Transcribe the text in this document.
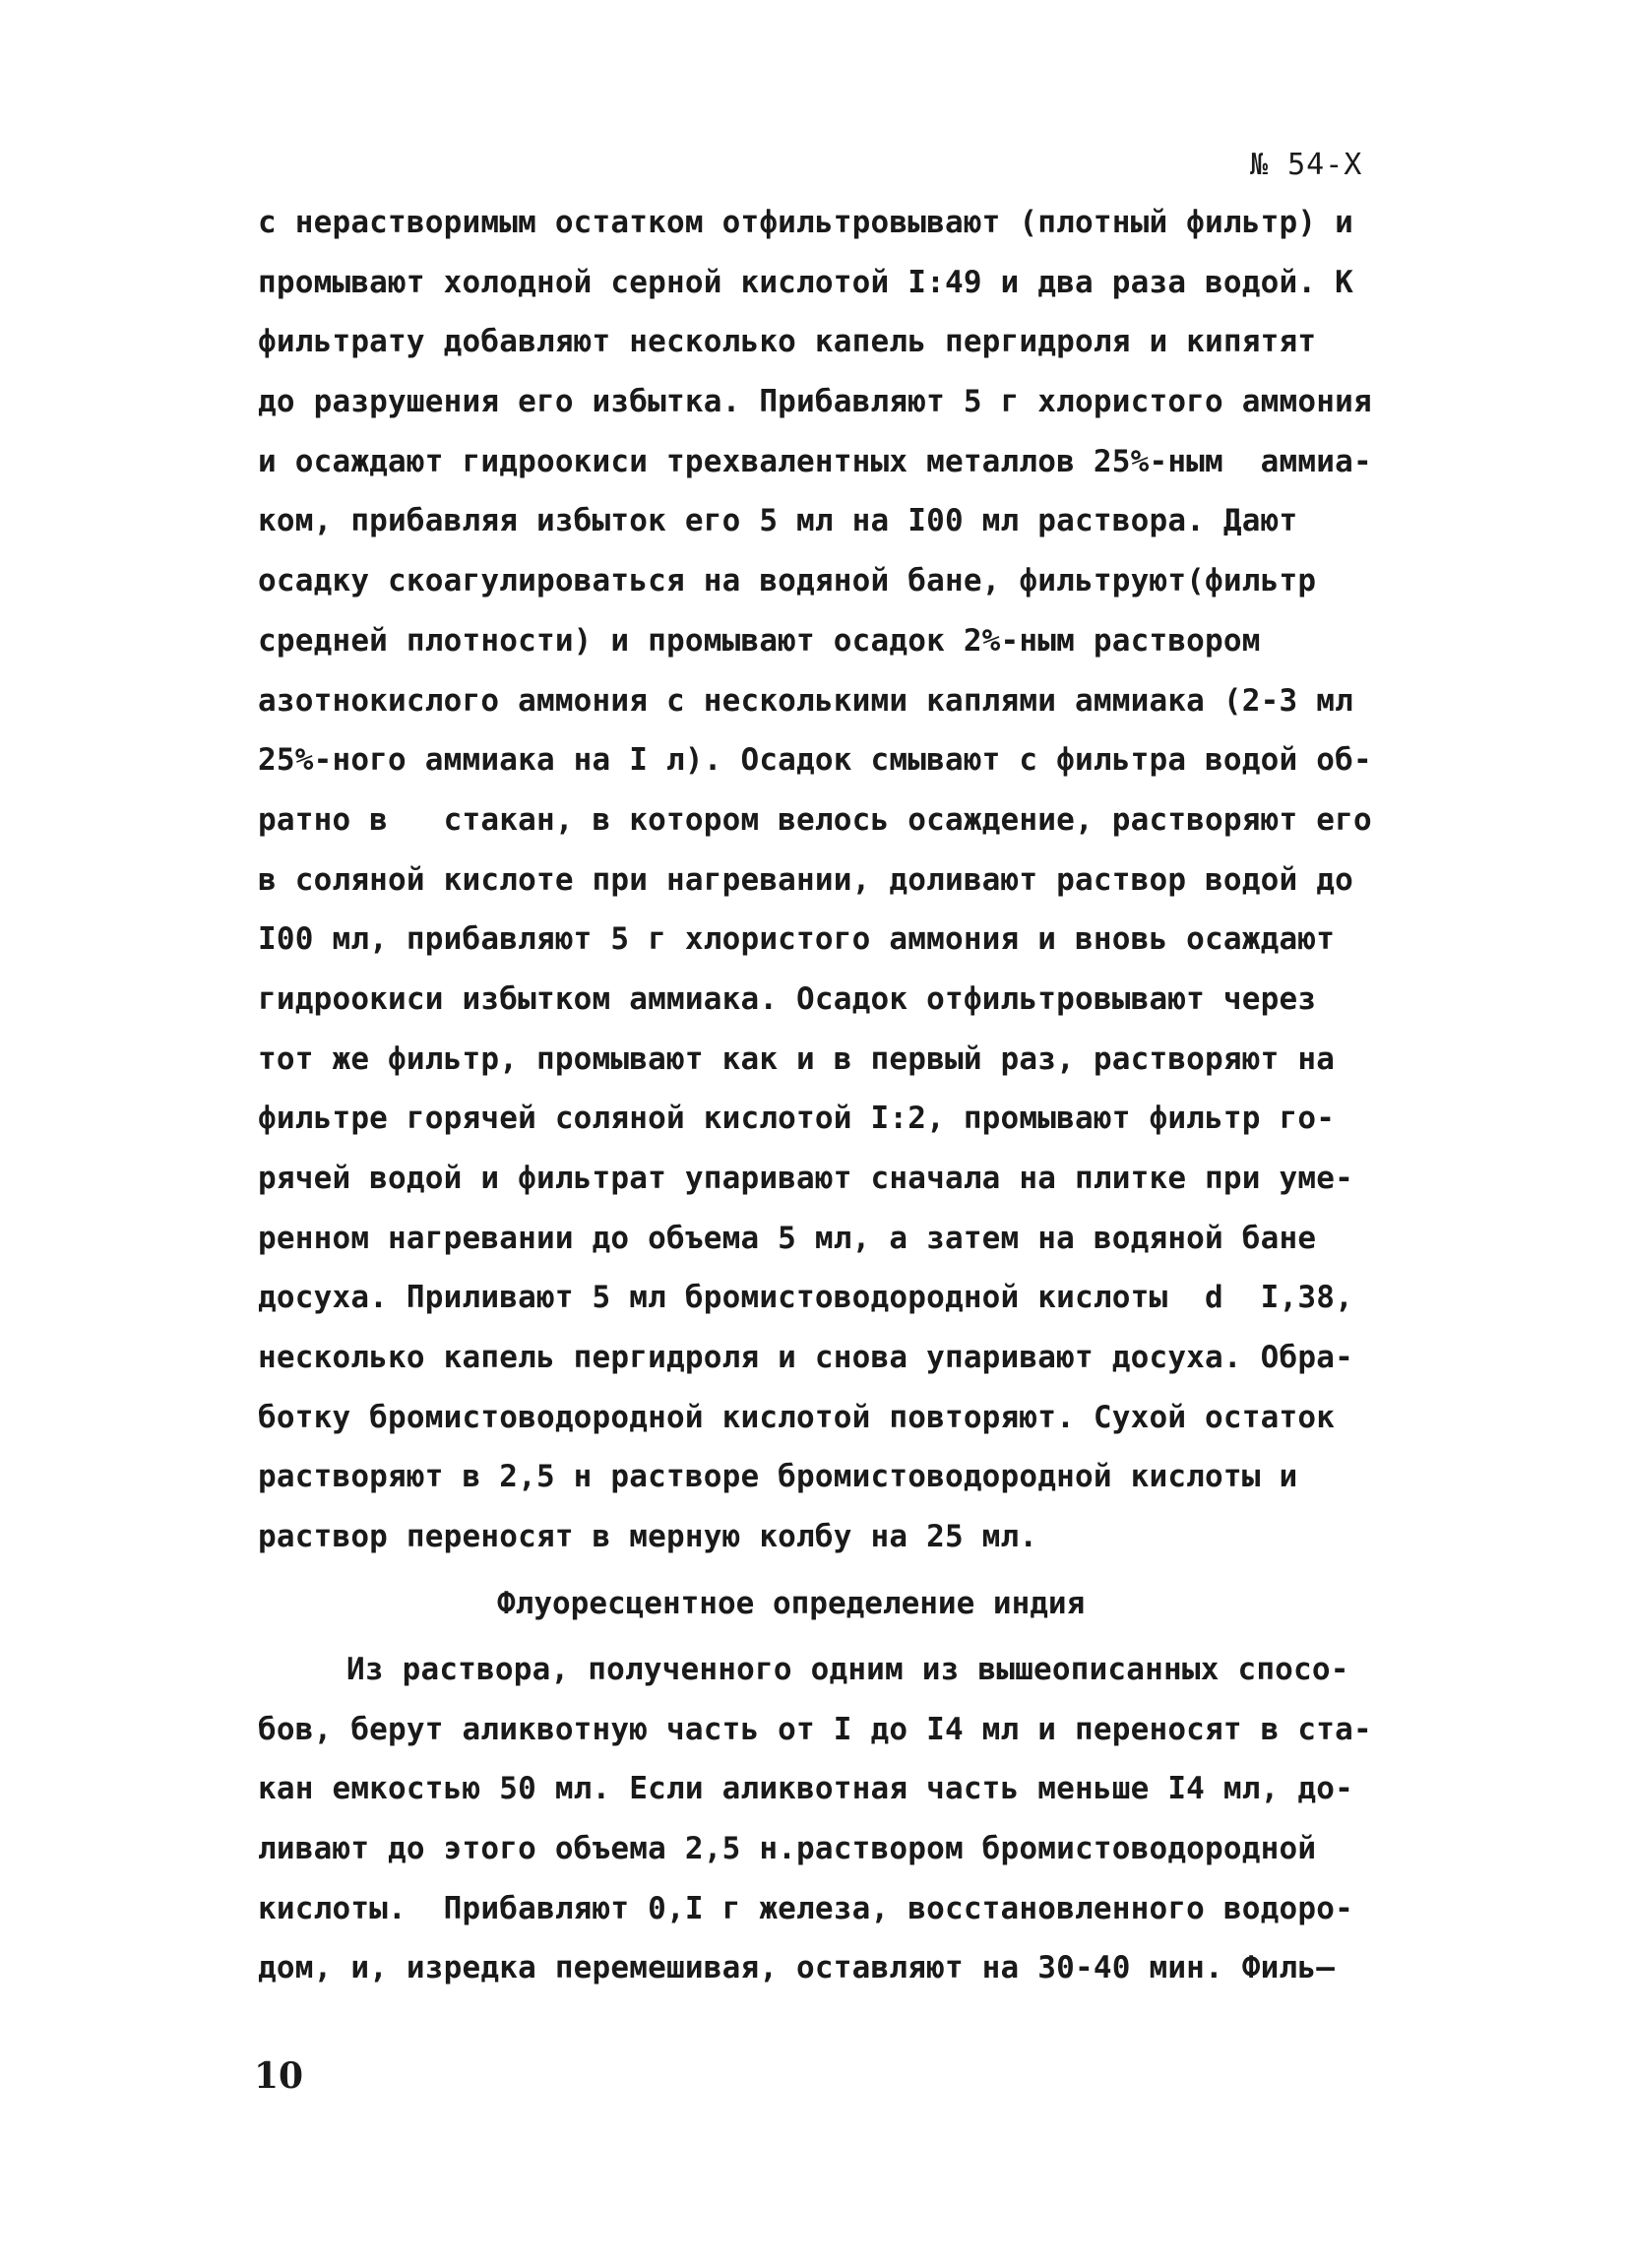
№ 54-Х
с нерастворимым остатком отфильтровывают (плотный фильтр) и
промывают холодной серной кислотой I:49 и два раза водой. К
фильтрату добавляют несколько капель пергидроля и кипятят
до разрушения его избытка. Прибавляют 5 г хлористого аммония
и осаждают гидроокиси трехвалентных металлов 25%-ным  аммиа-
ком, прибавляя избыток его 5 мл на I00 мл раствора. Дают
осадку скоагулироваться на водяной бане, фильтруют(фильтр
средней плотности) и промывают осадок 2%-ным раствором
азотнокислого аммония с несколькими каплями аммиака (2-3 мл
25%-ного аммиака на I л). Осадок смывают с фильтра водой об-
ратно в   стакан, в котором велось осаждение, растворяют его
в соляной кислоте при нагревании, доливают раствор водой до
I00 мл, прибавляют 5 г хлористого аммония и вновь осаждают
гидроокиси избытком аммиака. Осадок отфильтровывают через
тот же фильтр, промывают как и в первый раз, растворяют на
фильтре горячей соляной кислотой I:2, промывают фильтр го-
рячей водой и фильтрат упаривают сначала на плитке при уме-
ренном нагревании до объема 5 мл, а затем на водяной бане
досуха. Приливают 5 мл бромистоводородной кислоты  d  I,38,
несколько капель пергидроля и снова упаривают досуха. Обра-
ботку бромистоводородной кислотой повторяют. Сухой остаток
растворяют в 2,5 н растворе бромистоводородной кислоты и
раствор переносят в мерную колбу на 25 мл.
Флуоресцентное определение индия
Из раствора, полученного одним из вышеописанных спосо-
бов, берут аликвотную часть от I до I4 мл и переносят в ста-
кан емкостью 50 мл. Если аликвотная часть меньше I4 мл, до-
ливают до этого объема 2,5 н.раствором бромистоводородной
кислоты.  Прибавляют 0,I г железа, восстановленного водоро-
дом, и, изредка перемешивая, оставляют на 30-40 мин. Филь–
10
